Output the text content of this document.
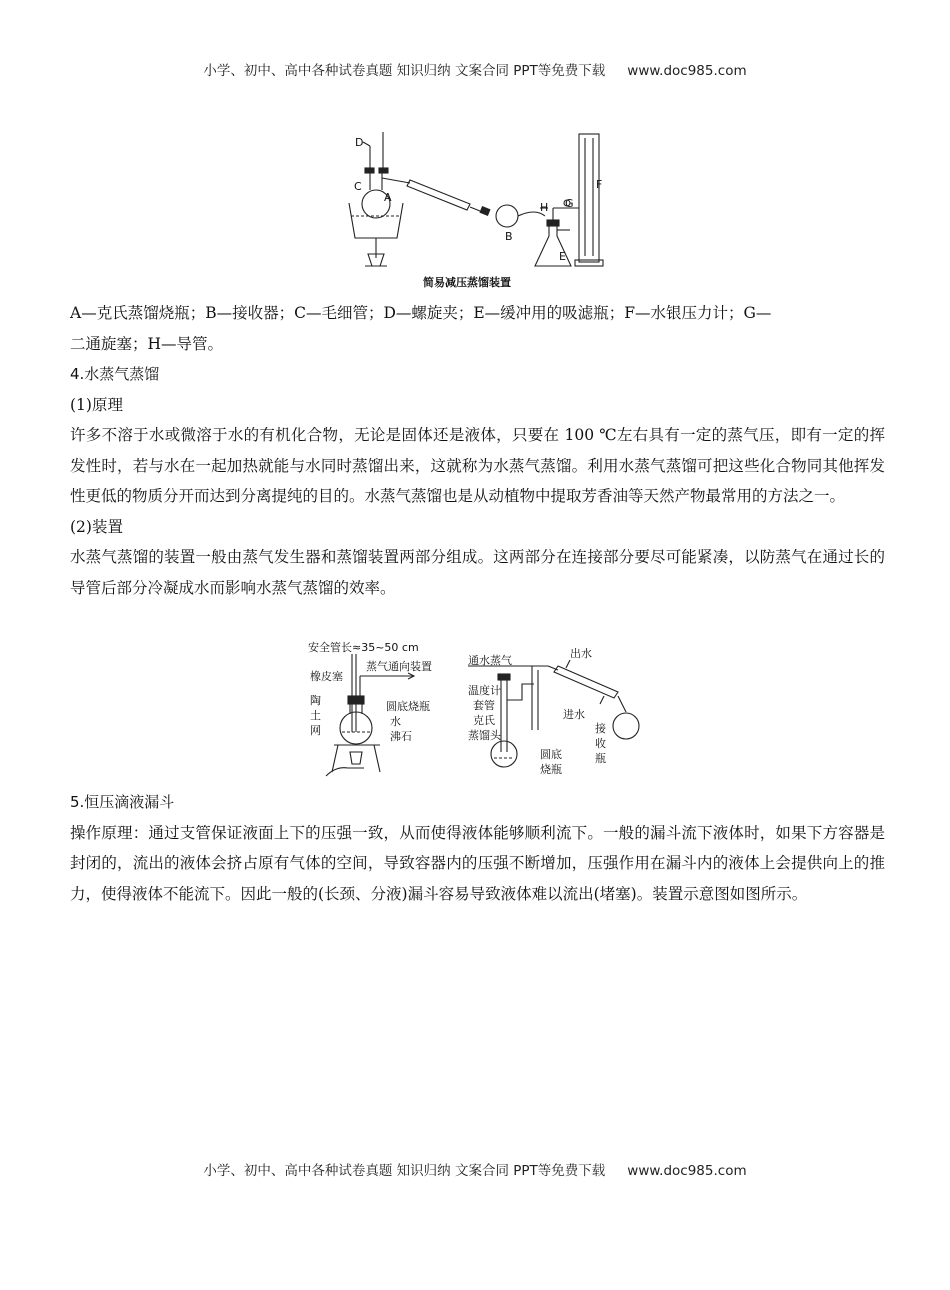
小学、初中、高中各种试卷真题 知识归纳 文案合同 PPT等免费下载 www.doc985.com
D
C
A
B
H G
E
F
简易减压蒸馏装置

A—克氏蒸馏烧瓶；B—接收器；C—毛细管；D—螺旋夹；E—缓冲用的吸滤瓶；F—水银压力计；G—

二通旋塞；H—导管。

4.水蒸气蒸馏

(1)原理

许多不溶于水或微溶于水的有机化合物，无论是固体还是液体，只要在 100 ℃左右具有一定的蒸气压，即有一定的挥发性时，若与水在一起加热就能与水同时蒸馏出来，这就称为水蒸气蒸馏。利用水蒸气蒸馏可把这些化合物同其他挥发性更低的物质分开而达到分离提纯的目的。水蒸气蒸馏也是从动植物中提取芳香油等天然产物最常用的方法之一。

(2)装置

水蒸气蒸馏的装置一般由蒸气发生器和蒸馏装置两部分组成。这两部分在连接部分要尽可能紧凑，以防蒸气在通过长的导管后部分冷凝成水而影响水蒸气蒸馏的效率。

安全管长≈35~50 cm
橡皮塞
蒸气通向装置
圆底烧瓶
水
沸石
陶
土
网
通水蒸气
出水
温度计
套管
克氏
蒸馏头
进水
接
收
瓶
圆底
烧瓶

5.恒压滴液漏斗

操作原理：通过支管保证液面上下的压强一致，从而使得液体能够顺利流下。一般的漏斗流下液体时，如果下方容器是封闭的，流出的液体会挤占原有气体的空间，导致容器内的压强不断增加，压强作用在漏斗内的液体上会提供向上的推力，使得液体不能流下。因此一般的(长颈、分液)漏斗容易导致液体难以流出(堵塞)。装置示意图如图所示。

小学、初中、高中各种试卷真题 知识归纳 文案合同 PPT等免费下载 www.doc985.com
